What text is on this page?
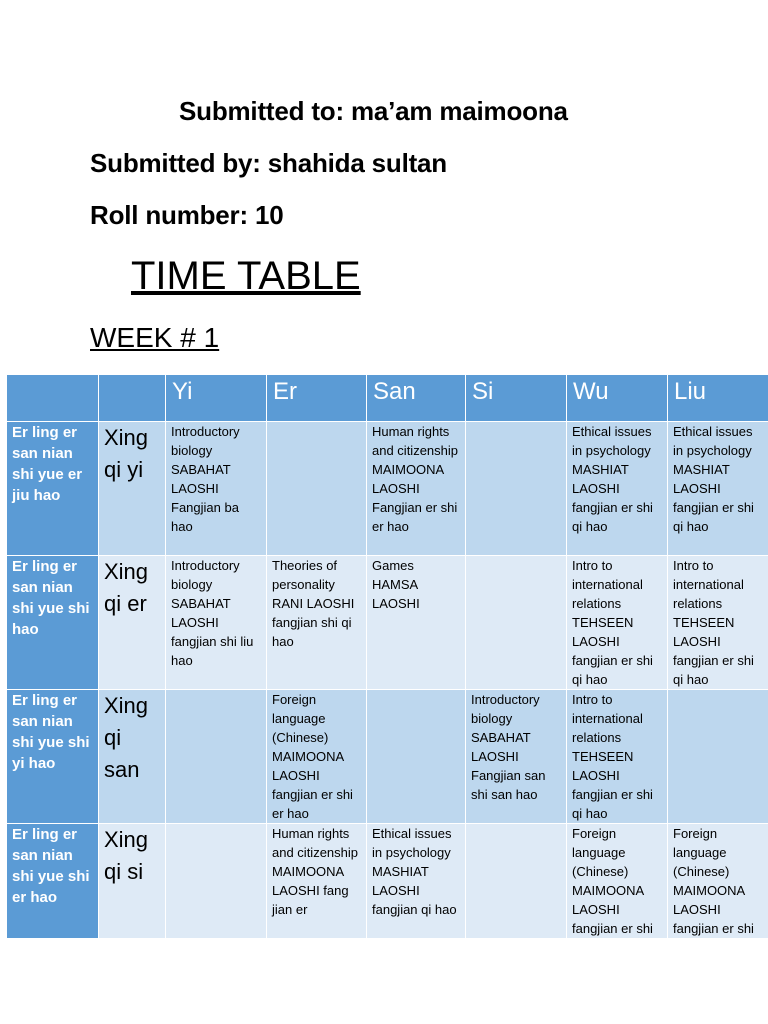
Submitted to: ma’am maimoona
Submitted by: shahida sultan
Roll number: 10
TIME TABLE
WEEK # 1
		Yi	Er	San	Si	Wu	Liu
Er ling er san nian shi yue er jiu hao	Xing qi yi	Introductory biology SABAHAT LAOSHI Fangjian ba hao		Human rights and citizenship MAIMOONA LAOSHI Fangjian er shi er hao		Ethical issues in psychology MASHIAT LAOSHI fangjian er shi qi hao	Ethical issues in psychology MASHIAT LAOSHI fangjian er shi qi hao
Er ling er san nian shi yue shi hao	Xing qi er	Introductory biology SABAHAT LAOSHI fangjian shi liu hao	Theories of personality RANI LAOSHI fangjian shi qi hao	Games HAMSA LAOSHI		Intro to international relations TEHSEEN LAOSHI fangjian er shi qi hao	Intro to international relations TEHSEEN LAOSHI fangjian er shi qi hao
Er ling er san nian shi yue shi yi hao	Xing qi san		Foreign language (Chinese) MAIMOONA LAOSHI fangjian er shi er hao		Introductory biology SABAHAT LAOSHI Fangjian san shi san hao	Intro to international relations TEHSEEN LAOSHI fangjian er shi qi hao	
Er ling er san nian shi yue shi er hao	Xing qi si		Human rights and citizenship MAIMOONA LAOSHI fang jian er	Ethical issues in psychology MASHIAT LAOSHI fangjian qi hao		Foreign language (Chinese) MAIMOONA LAOSHI fangjian er shi	Foreign language (Chinese) MAIMOONA LAOSHI fangjian er shi
